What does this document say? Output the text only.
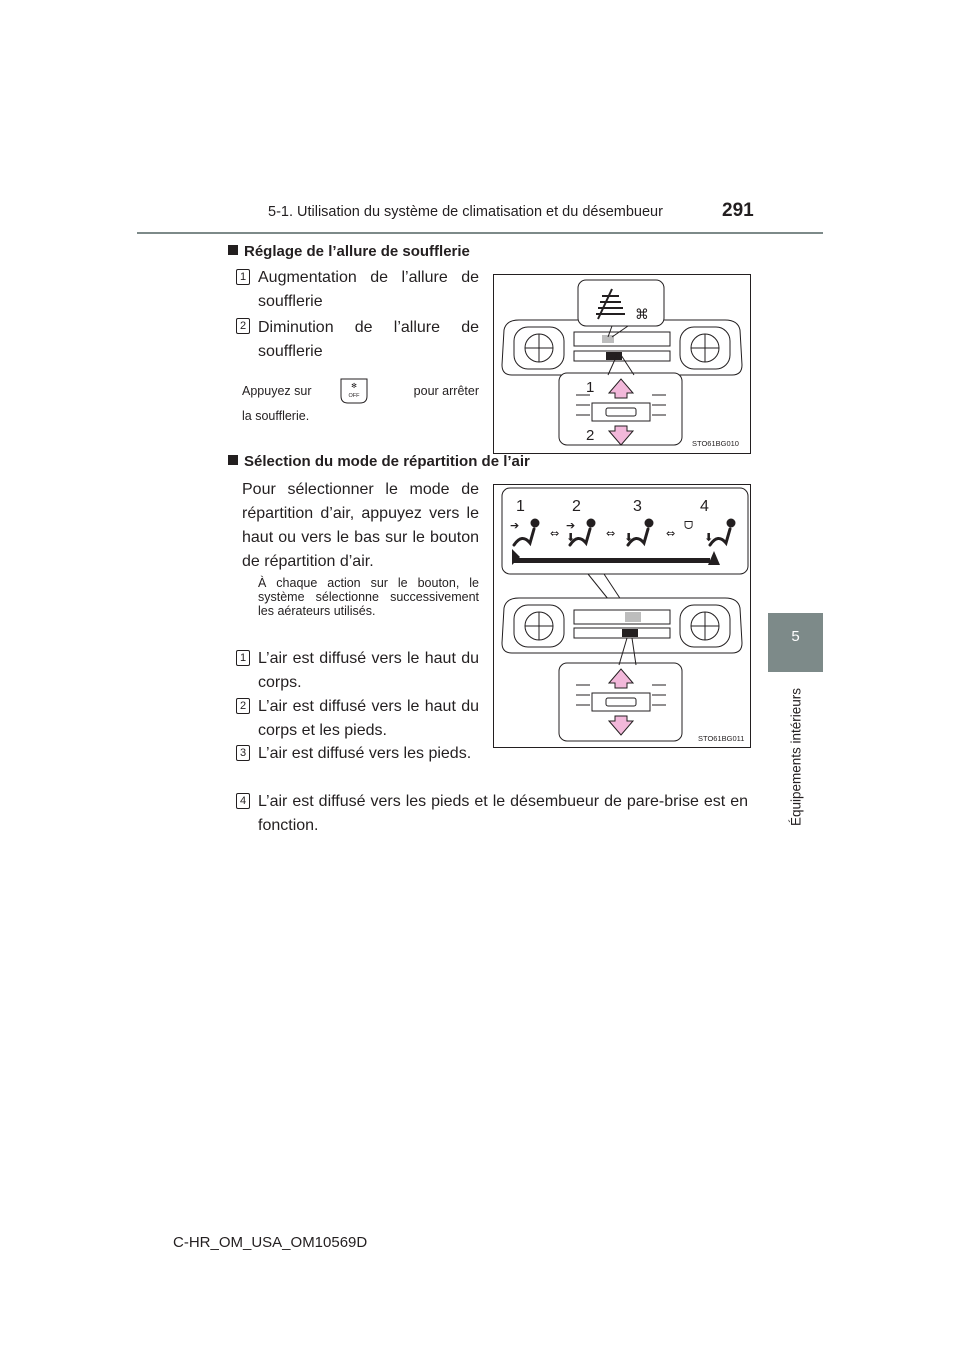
5-1. Utilisation du système de climatisation et du désembueur	291
5
Équipements intérieurs
Réglage de l’allure de soufflerie
1 Augmentation de l’allure de soufflerie
2 Diminution de l’allure de soufflerie
Appuyez sur	✻
OFF	pour arrêter
la soufflerie.
⌘
1
2	STO61BG010
Sélection du mode de répartition de l’air
Pour sélectionner le mode de répartition d’air, appuyez vers le haut ou vers le bas sur le bouton de répartition d’air.
À chaque action sur le bouton, le système sélectionne successivement les aérateurs utilisés.
1 L’air est diffusé vers le haut du corps.
2 L’air est diffusé vers le haut du corps et les pieds.
3 L’air est diffusé vers les pieds.
4 L’air est diffusé vers les pieds et le désembueur de pare-brise est en fonction.
1	2	3	4
➔
⇔
➔
⬇	⇔ ⬇	⇔
ᗜ
⬇
STO61BG011
C-HR_OM_USA_OM10569D
